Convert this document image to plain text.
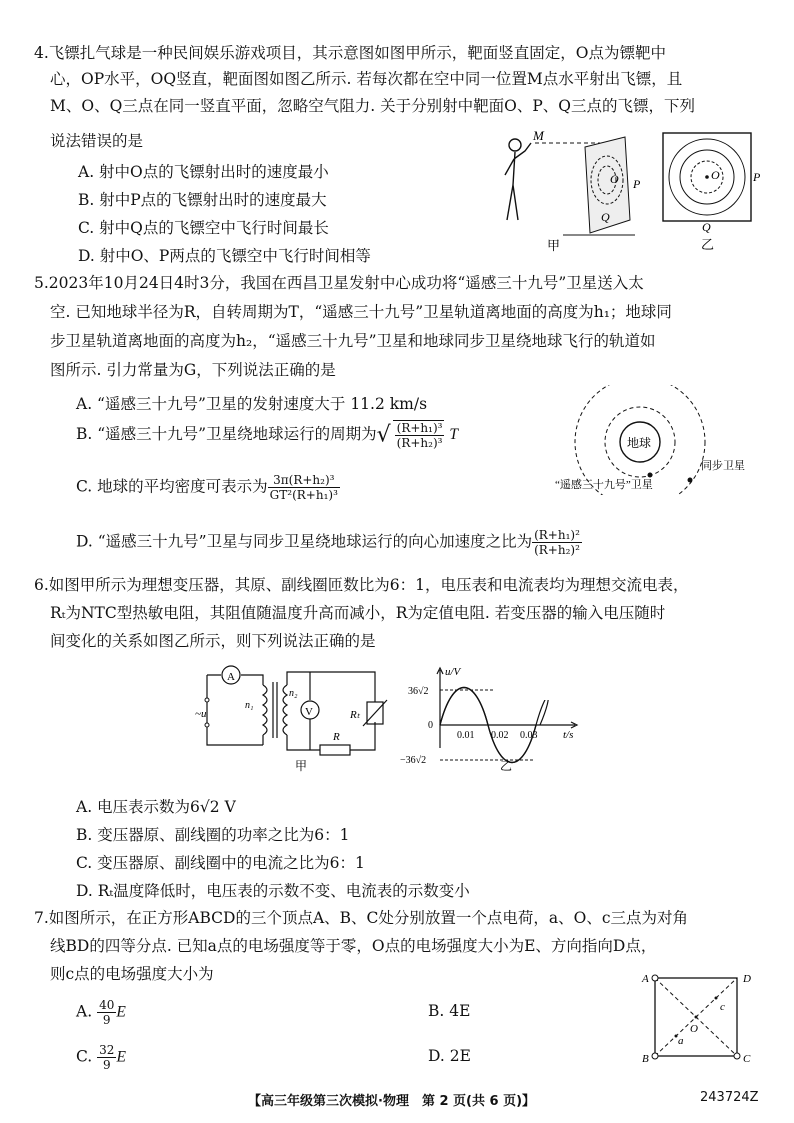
4.飞镖扎气球是一种民间娱乐游戏项目，其示意图如图甲所示，靶面竖直固定，O点为镖靶中
心，OP水平，OQ竖直，靶面图如图乙所示. 若每次都在空中同一位置M点水平射出飞镖，且
M、O、Q三点在同一竖直平面，忽略空气阻力. 关于分别射中靶面O、P、Q三点的飞镖，下列
说法错误的是
A. 射中O点的飞镖射出时的速度最小
B. 射中P点的飞镖射出时的速度最大
C. 射中Q点的飞镖空中飞行时间最长
D. 射中O、P两点的飞镖空中飞行时间相等
M
O P
Q
甲
O	P
Q
乙
5.2023年10月24日4时3分，我国在西昌卫星发射中心成功将“遥感三十九号”卫星送入太
空. 已知地球半径为R，自转周期为T，“遥感三十九号”卫星轨道离地面的高度为h₁；地球同
步卫星轨道离地面的高度为h₂，“遥感三十九号”卫星和地球同步卫星绕地球飞行的轨道如
图所示. 引力常量为G，下列说法正确的是
A. “遥感三十九号”卫星的发射速度大于 11.2 km/s
B. “遥感三十九号”卫星绕地球运行的周期为√ $\frac{\text{(R+h₁)³}}{\text{(R+h₂)³}}$ T
C. 地球的平均密度可表示为 $\frac{\text{3π(R+h₂)³}}{\text{GT²(R+h₁)³}}$
D. “遥感三十九号”卫星与同步卫星绕地球运行的向心加速度之比为 $\frac{\text{(R+h₁)²}}{\text{(R+h₂)²}}$
地球
同步卫星
“遥感三十九号”卫星
6.如图甲所示为理想变压器，其原、副线圈匝数比为6：1，电压表和电流表均为理想交流电表，
Rₜ为NTC型热敏电阻，其阻值随温度升高而减小，R为定值电阻. 若变压器的输入电压随时
间变化的关系如图乙所示，则下列说法正确的是
A
V
~u
n₁
n₂
Rₜ
R
甲
u/V
t/s
36√2
0
−36√2
0.01 0.02 0.03
乙
A. 电压表示数为6√2 V
B. 变压器原、副线圈的功率之比为6：1
C. 变压器原、副线圈中的电流之比为6：1
D. Rₜ温度降低时，电压表的示数不变、电流表的示数变小
7.如图所示，在正方形ABCD的三个顶点A、B、C处分别放置一个点电荷，a、O、c三点为对角
线BD的四等分点. 已知a点的电场强度等于零，O点的电场强度大小为E、方向指向D点，
则c点的电场强度大小为
A. $\frac{40}{9}$ E	B. 4E
C. $\frac{32}{9}$ E	D. 2E
A
B	C
D
a
O
c
【高三年级第三次模拟·物理　第 2 页(共 6 页)】	243724Z
